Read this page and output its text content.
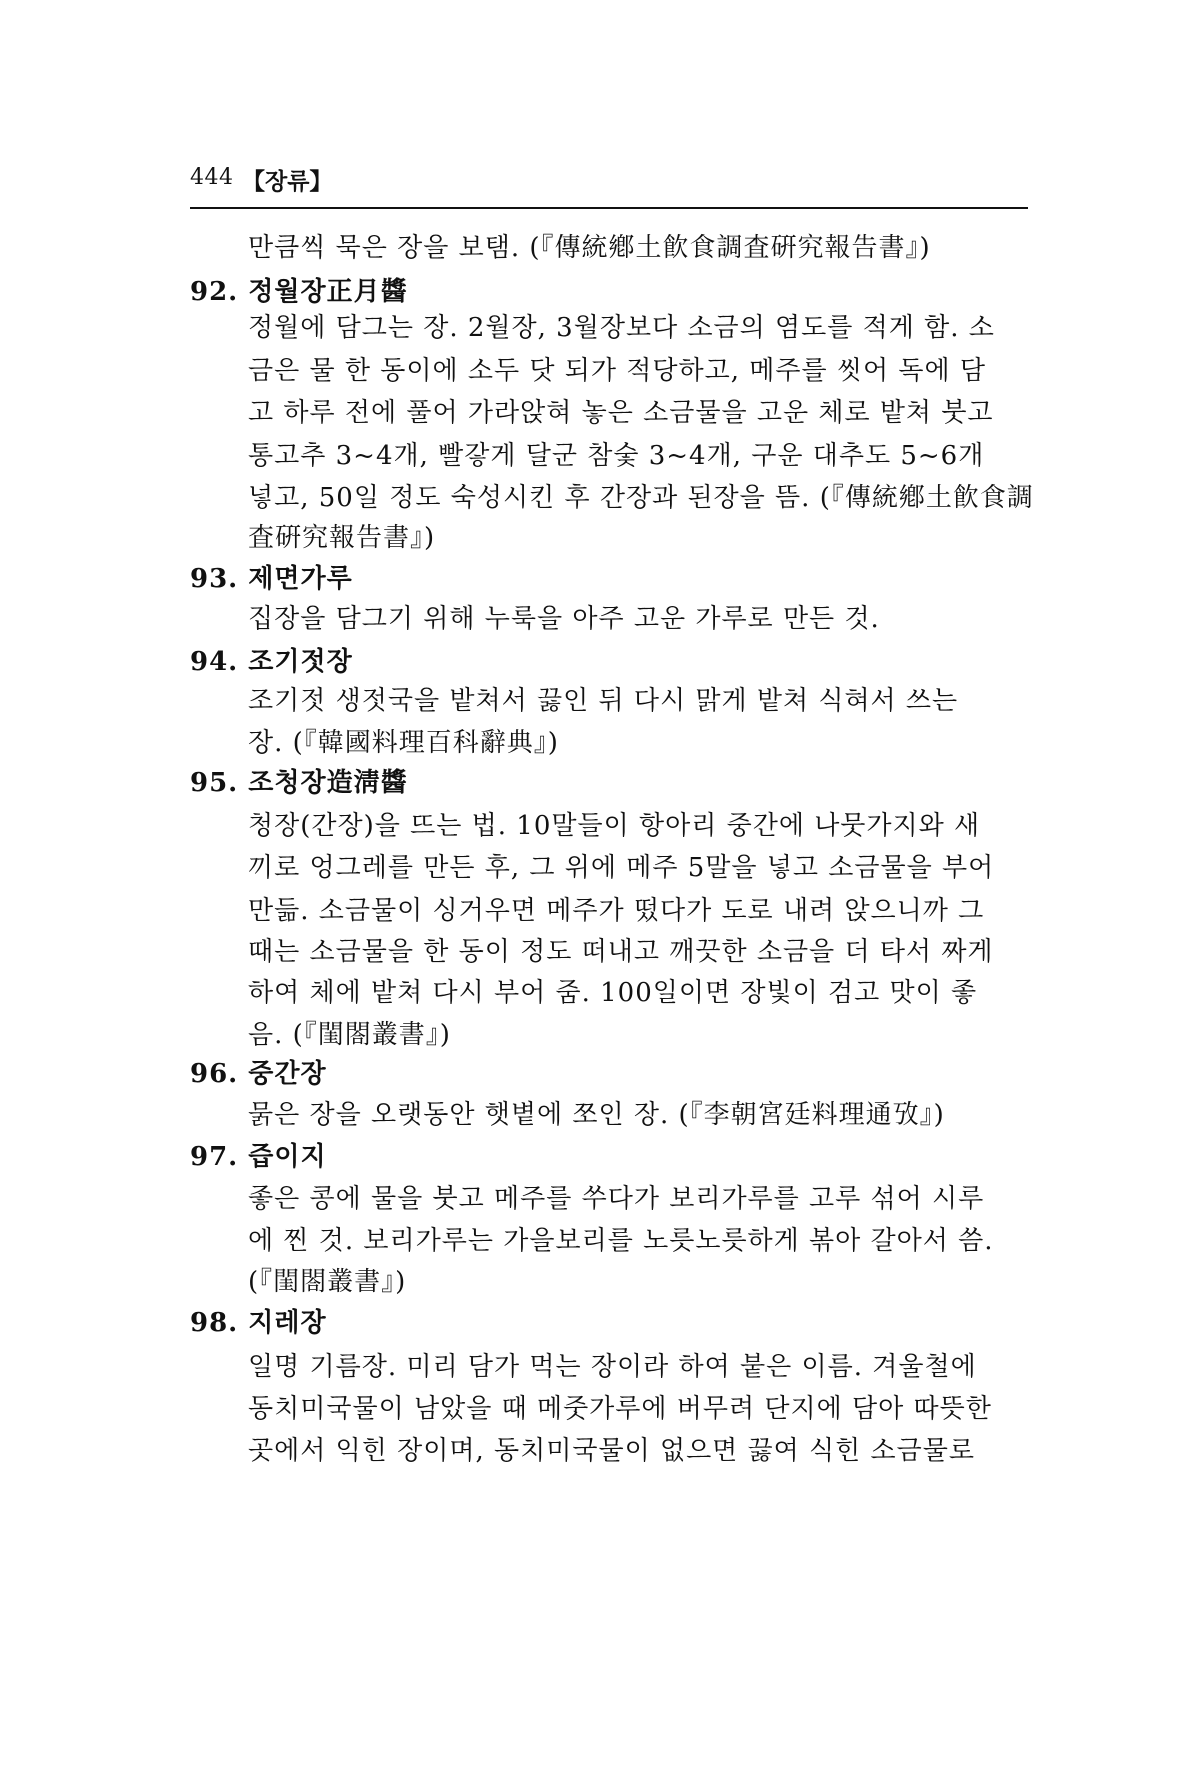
444 【장류】
만큼씩 묵은 장을 보탬. (『傳統鄕土飮食調査硏究報告書』)
92. 정월장正月醬
정월에 담그는 장. 2월장, 3월장보다 소금의 염도를 적게 함. 소
금은 물 한 동이에 소두 닷 되가 적당하고, 메주를 씻어 독에 담
고 하루 전에 풀어 가라앉혀 놓은 소금물을 고운 체로 밭쳐 붓고
통고추 3~4개, 빨갛게 달군 참숯 3~4개, 구운 대추도 5~6개
넣고, 50일 정도 숙성시킨 후 간장과 된장을 뜸. (『傳統鄕土飮食調
査硏究報告書』)
93. 제면가루
집장을 담그기 위해 누룩을 아주 고운 가루로 만든 것.
94. 조기젓장
조기젓 생젓국을 밭쳐서 끓인 뒤 다시 맑게 밭쳐 식혀서 쓰는
장. (『韓國料理百科辭典』)
95. 조청장造淸醬
청장(간장)을 뜨는 법. 10말들이 항아리 중간에 나뭇가지와 새
끼로 엉그레를 만든 후, 그 위에 메주 5말을 넣고 소금물을 부어
만듦. 소금물이 싱거우면 메주가 떴다가 도로 내려 앉으니까 그
때는 소금물을 한 동이 정도 떠내고 깨끗한 소금을 더 타서 짜게
하여 체에 밭쳐 다시 부어 줌. 100일이면 장빛이 검고 맛이 좋
음. (『閨閤叢書』)
96. 중간장
묽은 장을 오랫동안 햇볕에 쪼인 장. (『李朝宮廷料理通攷』)
97. 즙이지
좋은 콩에 물을 붓고 메주를 쑤다가 보리가루를 고루 섞어 시루
에 찐 것. 보리가루는 가을보리를 노릇노릇하게 볶아 갈아서 씀.
(『閨閤叢書』)
98. 지레장
일명 기름장. 미리 담가 먹는 장이라 하여 붙은 이름. 겨울철에
동치미국물이 남았을 때 메줏가루에 버무려 단지에 담아 따뜻한
곳에서 익힌 장이며, 동치미국물이 없으면 끓여 식힌 소금물로
